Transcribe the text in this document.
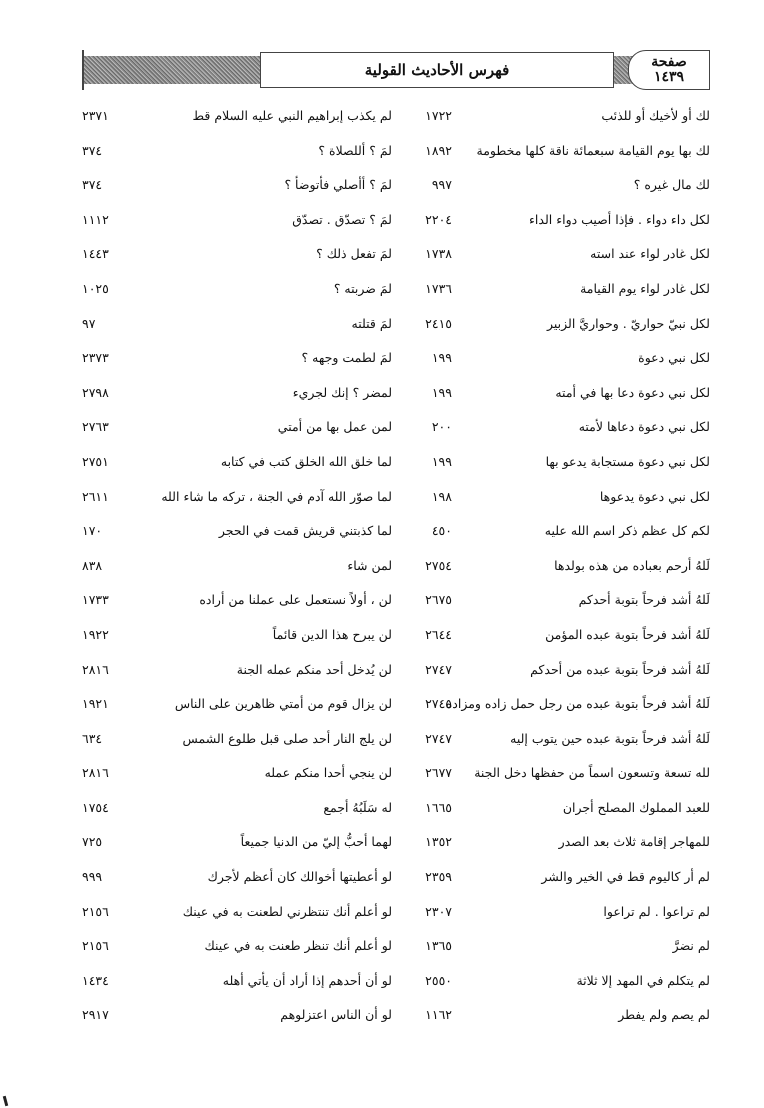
فهرس الأحاديث القولية	صفحة
١٤٣٩
لك أو لأخيك أو للذئب
١٧٢٢
لم يكذب إبراهيم النبي عليه السلام قط
٢٣٧١
لك بها يوم القيامة سبعمائة ناقة كلها مخطومة
١٨٩٢
لمَ ؟ أللصلاة ؟
٣٧٤
لك مال غيره ؟
٩٩٧
لمَ ؟ أأصلي فأتوضأ ؟
٣٧٤
لكل داء دواء . فإذا أصيب دواء الداء
٢٢٠٤
لمَ ؟ تصدّق . تصدّق
١١١٢
لكل غادر لواء عند استه
١٧٣٨
لمَ تفعل ذلك ؟
١٤٤٣
لكل غادر لواء يوم القيامة
١٧٣٦
لمَ ضربته ؟
١٠٢٥
لكل نبيّ حواريّ . وحواريَّ الزبير
٢٤١٥
لمَ قتلته
٩٧
لكل نبي دعوة
١٩٩
لمَ لطمت وجهه ؟
٢٣٧٣
لكل نبي دعوة دعا بها في أمته
١٩٩
لمضر ؟ إنك لجريء
٢٧٩٨
لكل نبي دعوة دعاها لأمته
٢٠٠
لمن عمل بها من أمتي
٢٧٦٣
لكل نبي دعوة مستجابة يدعو بها
١٩٩
لما خلق الله الخلق كتب في كتابه
٢٧٥١
لكل نبي دعوة يدعوها
١٩٨
لما صوّر الله آدم في الجنة ، تركه ما شاء الله
٢٦١١
لكم كل عظم ذكر اسم الله عليه
٤٥٠
لما كذبتني قريش قمت في الحجر
١٧٠
لَلهُ أرحم بعباده من هذه بولدها
٢٧٥٤
لمن شاء
٨٣٨
لَلهُ أشد فرحاً بتوبة أحدكم
٢٦٧٥
لن ، أولاً نستعمل على عملنا من أراده
١٧٣٣
لَلهُ أشد فرحاً بتوبة عبده المؤمن
٢٦٤٤
لن يبرح هذا الدين قائماً
١٩٢٢
لَلهُ أشد فرحاً بتوبة عبده من أحدكم
٢٧٤٧
لن يُدخل أحد منكم عمله الجنة
٢٨١٦
لَلهُ أشد فرحاً بتوبة عبده من رجل حمل زاده ومزاده
٢٧٤٥
لن يزال قوم من أمتي ظاهرين على الناس
١٩٢١
لَلهُ أشد فرحاً بتوبة عبده حين يتوب إليه
٢٧٤٧
لن يلج النار أحد صلى قبل طلوع الشمس
٦٣٤
لله تسعة وتسعون اسماً من حفظها دخل الجنة
٢٦٧٧
لن ينجي أحدا منكم عمله
٢٨١٦
للعبد المملوك المصلح أجران
١٦٦٥
له سَلَبُهُ أجمع
١٧٥٤
للمهاجر إقامة ثلاث بعد الصدر
١٣٥٢
لهما أحبُّ إليّ من الدنيا جميعاً
٧٢٥
لم أر كاليوم قط في الخير والشر
٢٣٥٩
لو أعطيتها أخوالك كان أعظم لأجرك
٩٩٩
لم تراعوا . لم تراعوا
٢٣٠٧
لو أعلم أنك تنتظرني لطعنت به في عينك
٢١٥٦
لم نضرَّ
١٣٦٥
لو أعلم أنك تنظر طعنت به في عينك
٢١٥٦
لم يتكلم في المهد إلا ثلاثة
٢٥٥٠
لو أن أحدهم إذا أراد أن يأتي أهله
١٤٣٤
لم يصم ولم يفطر
١١٦٢
لو أن الناس اعتزلوهم
٢٩١٧
